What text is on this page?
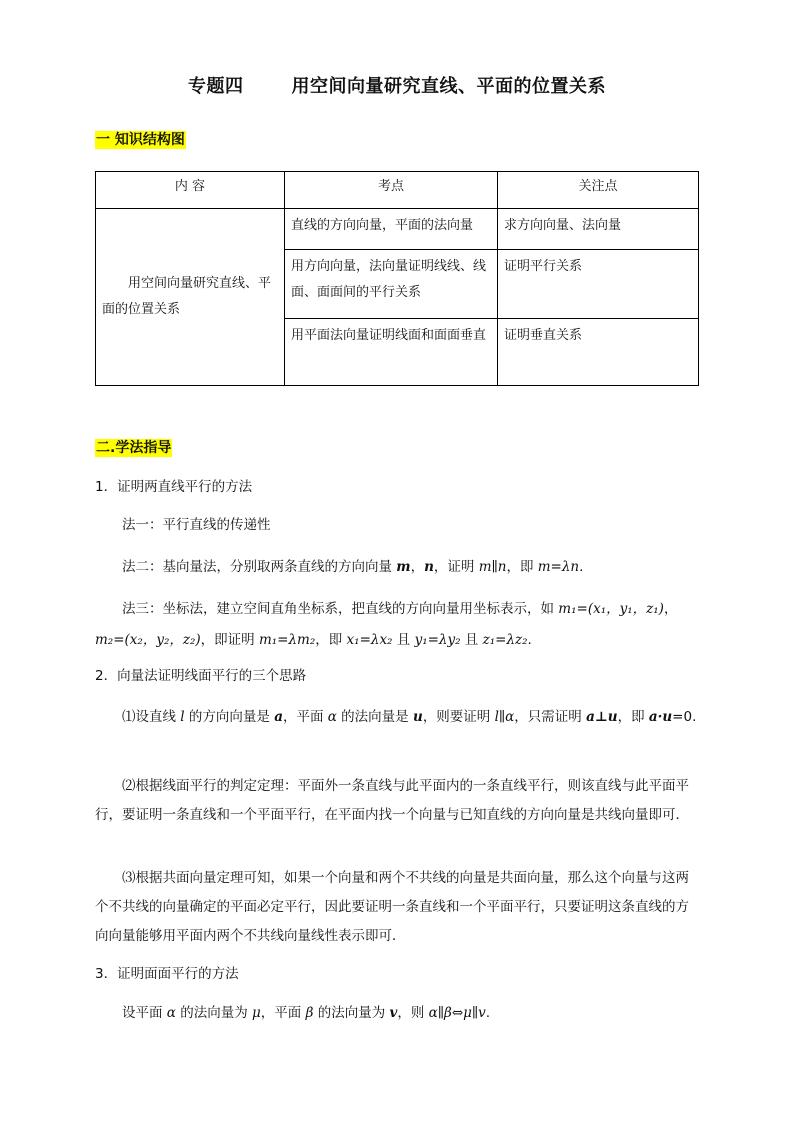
专题四	用空间向量研究直线、平面的位置关系
一 知识结构图
内 容	考点	关注点

用空间向量研究直线、平面的位置关系	直线的方向向量，平面的法向量	求方向向量、法向量
	用方向向量，法向量证明线线、线面、面面间的平行关系	证明平行关系
	用平面法向量证明线面和面面垂直	证明垂直关系
二.学法指导
1．证明两直线平行的方法
法一：平行直线的传递性
法二：基向量法，分别取两条直线的方向向量 m，n，证明 m∥n，即 m=λn.
法三：坐标法，建立空间直角坐标系，把直线的方向向量用坐标表示，如 m₁=(x₁，y₁，z₁)，m₂=(x₂，y₂，z₂)，即证明 m₁=λm₂，即 x₁=λx₂ 且 y₁=λy₂ 且 z₁=λz₂.
2．向量法证明线面平行的三个思路
⑴设直线 l 的方向向量是 a，平面 α 的法向量是 u，则要证明 l∥α，只需证明 a⊥u，即 a·u=0.
⑵根据线面平行的判定定理：平面外一条直线与此平面内的一条直线平行，则该直线与此平面平行，要证明一条直线和一个平面平行，在平面内找一个向量与已知直线的方向向量是共线向量即可．
⑶根据共面向量定理可知，如果一个向量和两个不共线的向量是共面向量，那么这个向量与这两个不共线的向量确定的平面必定平行，因此要证明一条直线和一个平面平行，只要证明这条直线的方向向量能够用平面内两个不共线向量线性表示即可．
3．证明面面平行的方法
设平面 α 的法向量为 μ，平面 β 的法向量为 v，则 α∥β⇔μ∥v.
